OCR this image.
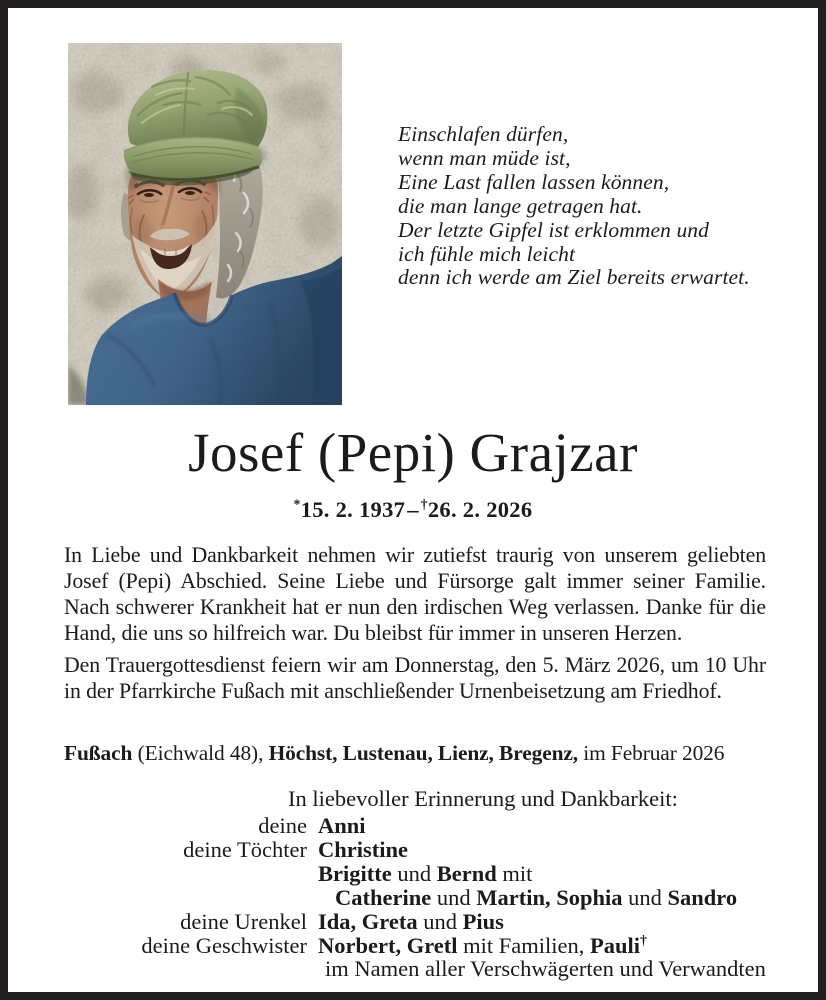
Einschlafen dürfen,
wenn man müde ist,
Eine Last fallen lassen können,
die man lange getragen hat.
Der letzte Gipfel ist erklommen und
ich fühle mich leicht
denn ich werde am Ziel bereits erwartet.
Josef (Pepi) Grajzar
*15. 2. 1937– †26. 2. 2026
In Liebe und Dankbarkeit nehmen wir zutiefst traurig von unserem geliebten Josef (Pepi) Abschied. Seine Liebe und Fürsorge galt immer seiner Familie. Nach schwerer Krankheit hat er nun den irdischen Weg verlassen. Danke für die Hand, die uns so hilfreich war. Du bleibst für immer in unseren Herzen.
Den Trauergottesdienst feiern wir am Donnerstag, den 5. März 2026, um 10 Uhr in der Pfarrkirche Fußach mit anschließender Urnenbeisetzung am Friedhof.
Fußach (Eichwald 48), Höchst, Lustenau, Lienz, Bregenz, im Februar 2026
In liebevoller Erinnerung und Dankbarkeit:
deine Anni
deine Töchter Christine
Brigitte und Bernd mit
Catherine und Martin, Sophia und Sandro
deine Urenkel Ida, Greta und Pius
deine Geschwister Norbert, Gretl mit Familien, Pauli†
im Namen aller Verschwägerten und Verwandten
